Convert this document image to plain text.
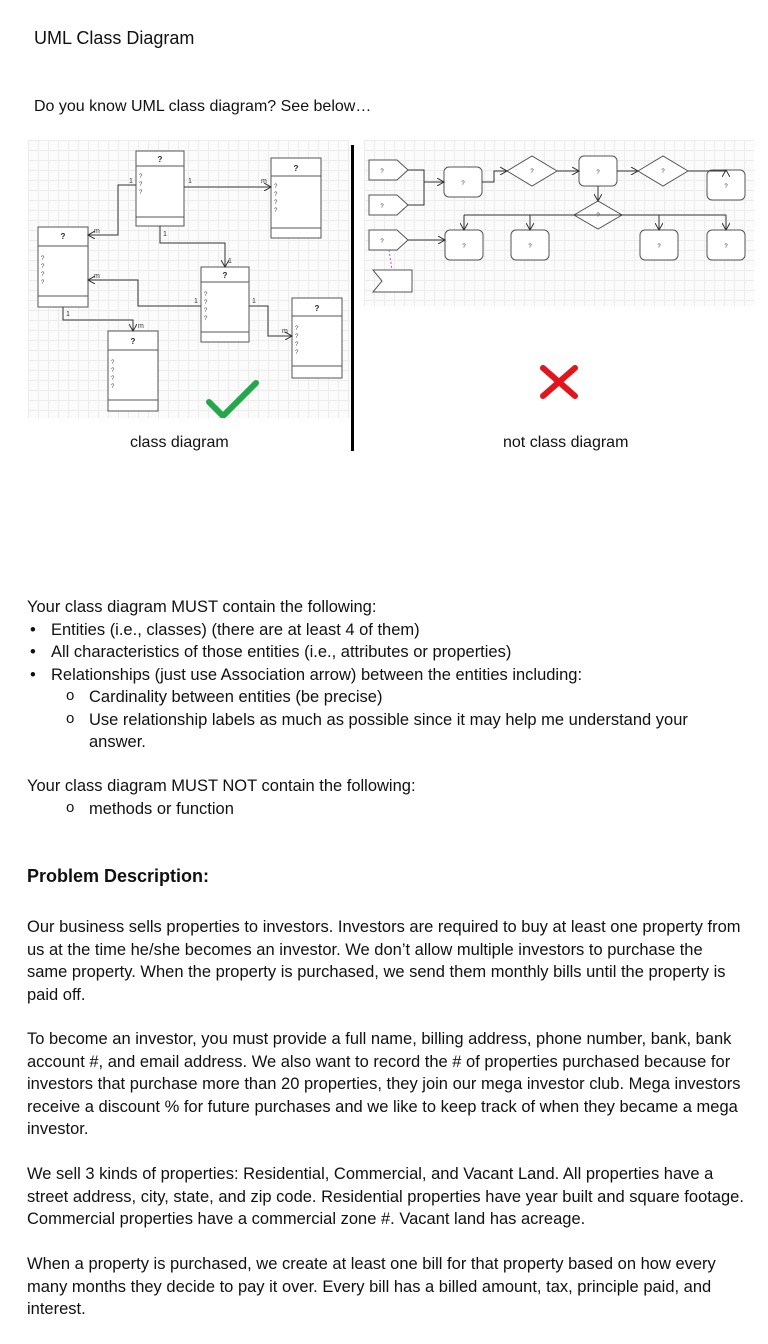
UML Class Diagram
Do you know UML class diagram? See below…
?
?
?
?
?
?
?
?
?
?
?
?
?
?
?
?
?
?
?
?
?
?
?
?
?
?
?
?
?
1	m
1
m	1
1
1
m
1
m
1
m
?
?
?
?
?	?	?
?
?
?	?	?	?
class diagram	not class diagram
Your class diagram MUST contain the following:
• Entities (i.e., classes) (there are at least 4 of them)
• All characteristics of those entities (i.e., attributes or properties)
• Relationships (just use Association arrow) between the entities including:
o Cardinality between entities (be precise)
o Use relationship labels as much as possible since it may help me understand your answer.
Your class diagram MUST NOT contain the following:
o methods or function
Problem Description:
Our business sells properties to investors. Investors are required to buy at least one property from us at the time he/she becomes an investor. We don’t allow multiple investors to purchase the same property. When the property is purchased, we send them monthly bills until the property is paid off.
To become an investor, you must provide a full name, billing address, phone number, bank, bank account #, and email address. We also want to record the # of properties purchased because for investors that purchase more than 20 properties, they join our mega investor club. Mega investors receive a discount % for future purchases and we like to keep track of when they became a mega investor.
We sell 3 kinds of properties: Residential, Commercial, and Vacant Land. All properties have a street address, city, state, and zip code. Residential properties have year built and square footage. Commercial properties have a commercial zone #. Vacant land has acreage.
When a property is purchased, we create at least one bill for that property based on how every many months they decide to pay it over. Every bill has a billed amount, tax, principle paid, and interest.
